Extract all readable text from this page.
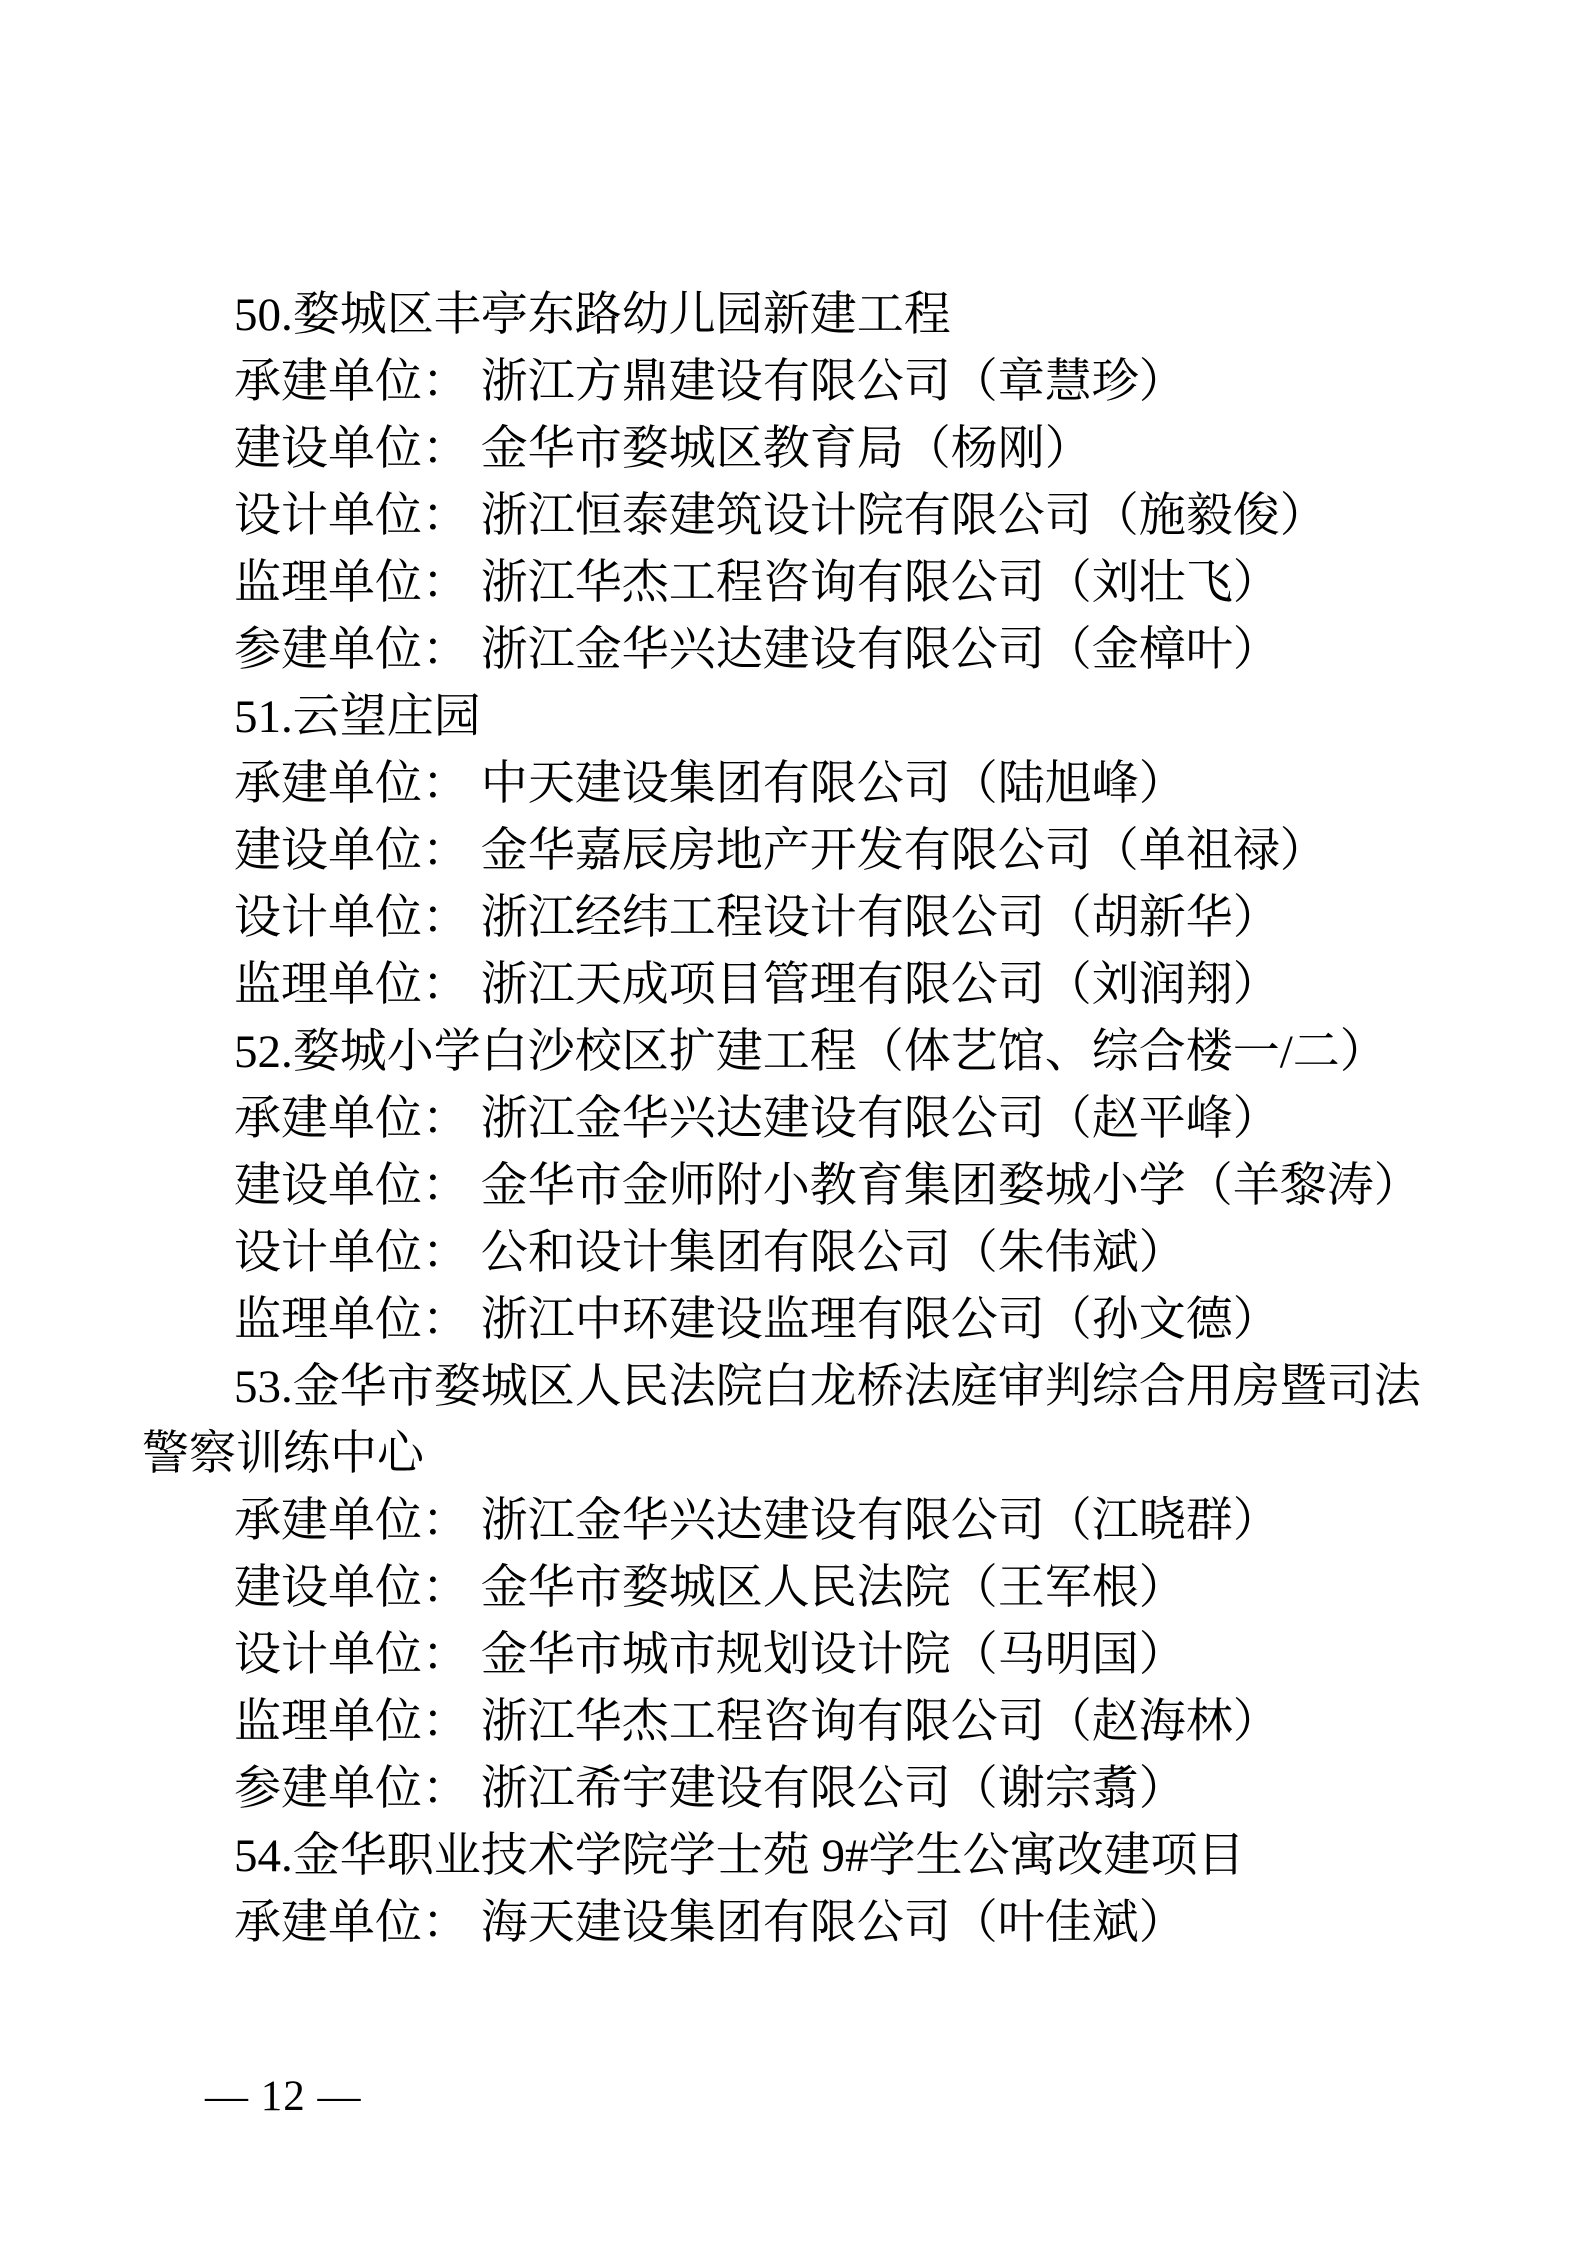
50.婺城区丰亭东路幼儿园新建工程

承建单位： 浙江方鼎建设有限公司（章慧珍）

建设单位： 金华市婺城区教育局（杨刚）

设计单位： 浙江恒泰建筑设计院有限公司（施毅俊）

监理单位： 浙江华杰工程咨询有限公司（刘壮飞）

参建单位： 浙江金华兴达建设有限公司（金樟叶）

51.云望庄园

承建单位： 中天建设集团有限公司（陆旭峰）

建设单位： 金华嘉辰房地产开发有限公司（单祖禄）

设计单位： 浙江经纬工程设计有限公司（胡新华）

监理单位： 浙江天成项目管理有限公司（刘润翔）

52.婺城小学白沙校区扩建工程（体艺馆、综合楼一/二）

承建单位： 浙江金华兴达建设有限公司（赵平峰）

建设单位： 金华市金师附小教育集团婺城小学（羊黎涛）

设计单位： 公和设计集团有限公司（朱伟斌）

监理单位： 浙江中环建设监理有限公司（孙文德）

53.金华市婺城区人民法院白龙桥法庭审判综合用房暨司法

警察训练中心

承建单位： 浙江金华兴达建设有限公司（江晓群）

建设单位： 金华市婺城区人民法院（王军根）

设计单位： 金华市城市规划设计院（马明国）

监理单位： 浙江华杰工程咨询有限公司（赵海林）

参建单位： 浙江希宇建设有限公司（谢宗翥）

54.金华职业技术学院学士苑 9#学生公寓改建项目

承建单位： 海天建设集团有限公司（叶佳斌）

— 12 —
